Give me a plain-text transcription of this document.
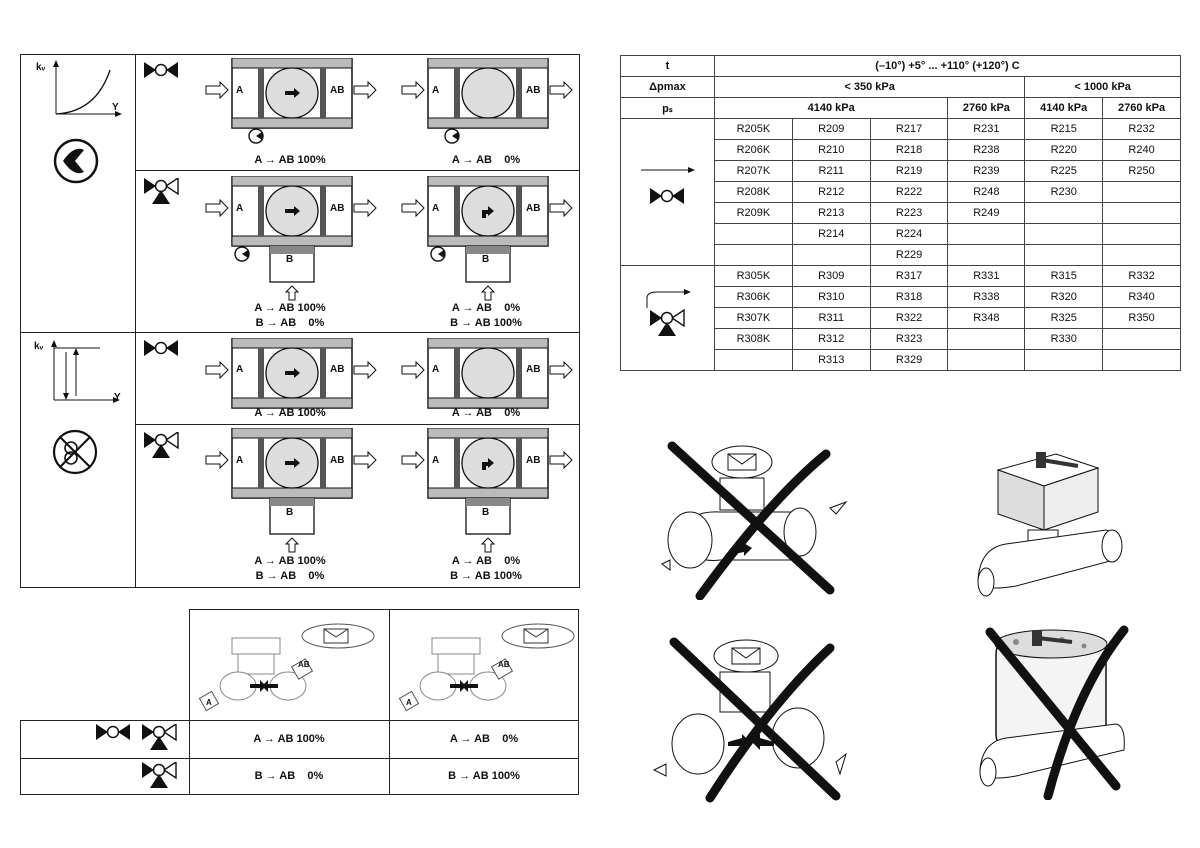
kᵥ
Y
kᵥ
Y
A	AB	A	AB
A	AB
B
A	AB
B
A	AB	A	AB
A	AB
B
A	AB
B
A → AB 100%	A → AB    0%
A → AB 100%
B → AB    0%
A → AB    0%
B → AB 100%
A → AB 100%	A → AB    0%
A → AB 100%
B → AB    0%
A → AB    0%
B → AB 100%
AB
A
AB
A
A → AB 100%	A → AB    0%
B → AB    0%	B → AB 100%
t	(–10°) +5° ... +110° (+120°) C					
Δpmax	< 350 kPa				< 1000 kPa	
pₛ	4140 kPa			2760 kPa	4140 kPa	2760 kPa

	R205K	R209	R217	R231	R215	R232
	R206K	R210	R218	R238	R220	R240
	R207K	R211	R219	R239	R225	R250
	R208K	R212	R222	R248	R230	
	R209K	R213	R223	R249		
		R214	R224			
			R229			

	R305K	R309	R317	R331	R315	R332
	R306K	R310	R318	R338	R320	R340
	R307K	R311	R322	R348	R325	R350
	R308K	R312	R323		R330	
		R313	R329			
